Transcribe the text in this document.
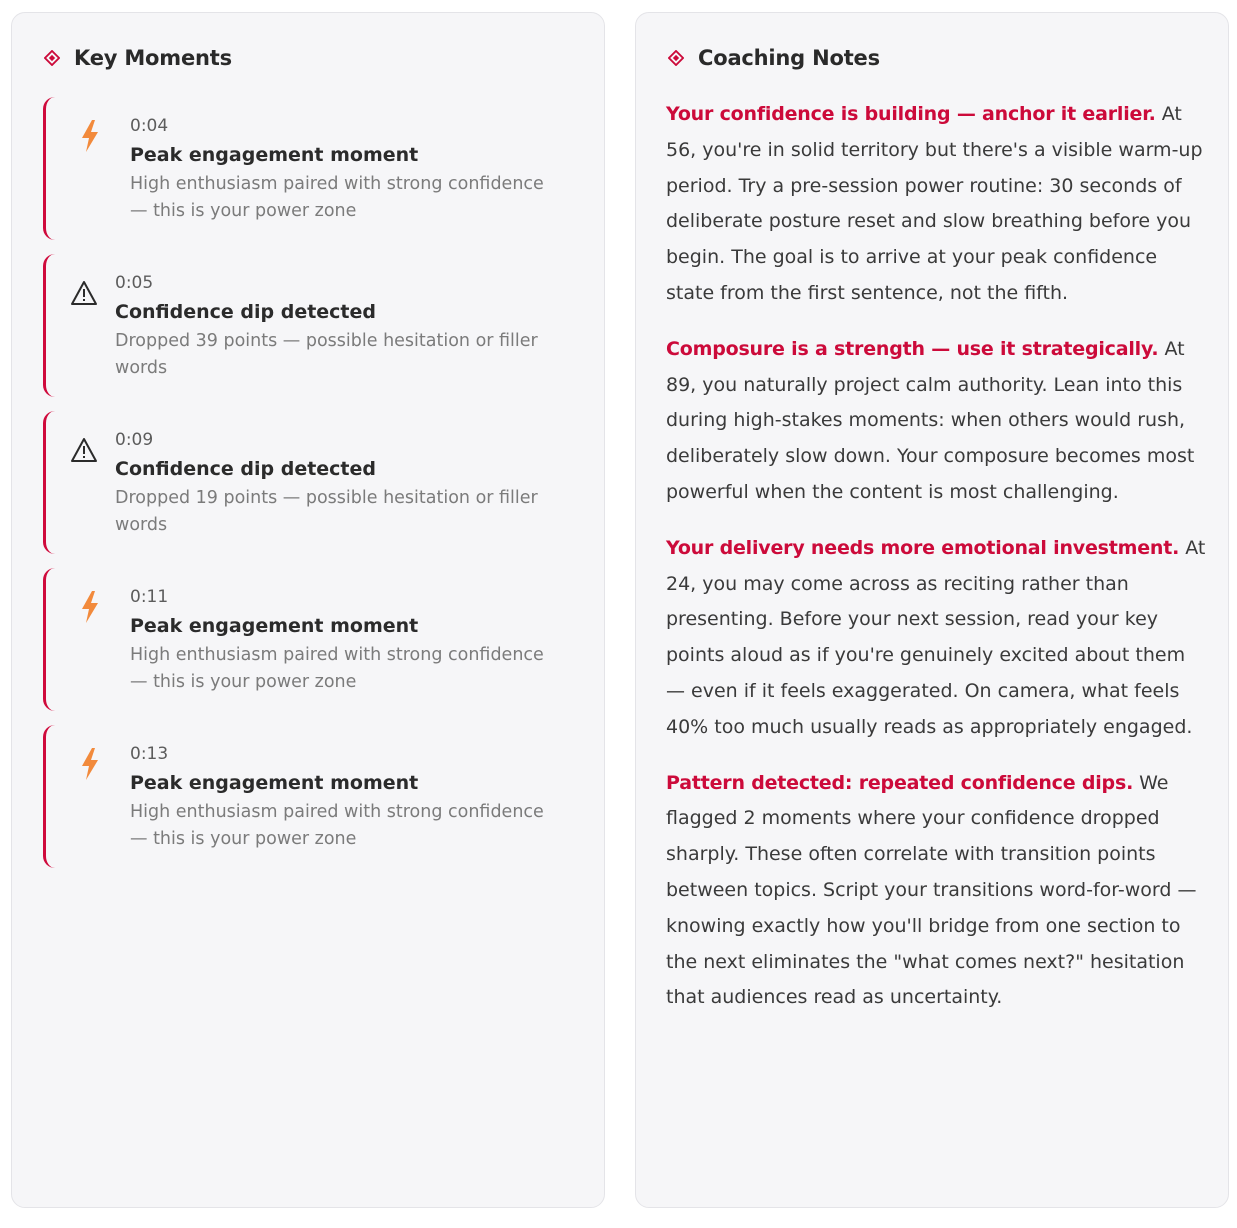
Key Moments
0:04
Peak engagement moment
High enthusiasm paired with strong confidence — this is your power zone
0:05
Confidence dip detected
Dropped 39 points — possible hesitation or filler words
0:09
Confidence dip detected
Dropped 19 points — possible hesitation or filler words
0:11
Peak engagement moment
High enthusiasm paired with strong confidence — this is your power zone
0:13
Peak engagement moment
High enthusiasm paired with strong confidence — this is your power zone
Coaching Notes

Your confidence is building — anchor it earlier. At 56, you're in solid territory but there's a visible warm-up period. Try a pre-session power routine: 30 seconds of deliberate posture reset and slow breathing before you begin. The goal is to arrive at your peak confidence state from the first sentence, not the fifth.

Composure is a strength — use it strategically. At 89, you naturally project calm authority. Lean into this during high-stakes moments: when others would rush, deliberately slow down. Your composure becomes most powerful when the content is most challenging.

Your delivery needs more emotional investment. At 24, you may come across as reciting rather than presenting. Before your next session, read your key points aloud as if you're genuinely excited about them — even if it feels exaggerated. On camera, what feels 40% too much usually reads as appropriately engaged.

Pattern detected: repeated confidence dips. We flagged 2 moments where your confidence dropped sharply. These often correlate with transition points between topics. Script your transitions word-for-word — knowing exactly how you'll bridge from one section to the next eliminates the "what comes next?" hesitation that audiences read as uncertainty.
